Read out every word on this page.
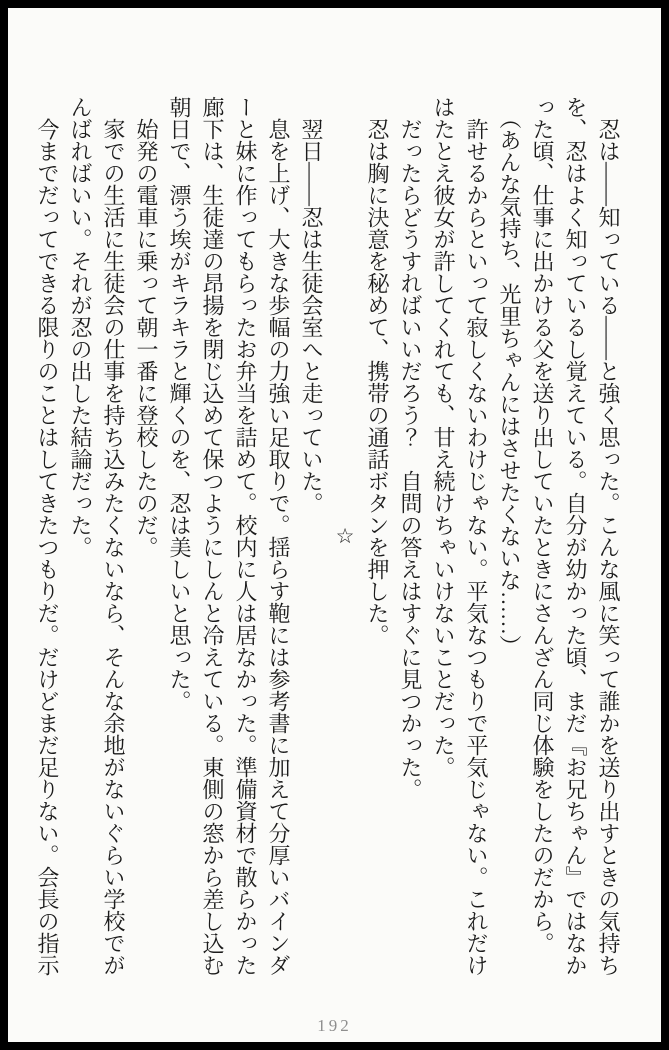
　忍は――知っている――と強く思った。こんな風に笑って誰かを送り出すときの気持ち

を、忍はよく知っているし覚えている。自分が幼かった頃、まだ『お兄ちゃん』ではなか

った頃、仕事に出かける父を送り出していたときにさんざん同じ体験をしたのだから。

　（あんな気持ち、光里ちゃんにはさせたくないな……）

　許せるからといって寂しくないわけじゃない。平気なつもりで平気じゃない。これだけ

はたとえ彼女が許してくれても、甘え続けちゃいけないことだった。

　だったらどうすればいいだろう？　自問の答えはすぐに見つかった。

　忍は胸に決意を秘めて、携帯の通話ボタンを押した。

☆

　翌日――忍は生徒会室へと走っていた。

　息を上げ、大きな歩幅の力強い足取りで。揺らす鞄には参考書に加えて分厚いバインダ

ーと妹に作ってもらったお弁当を詰めて。校内に人は居なかった。準備資材で散らかった

廊下は、生徒達の昂揚を閉じ込めて保つようにしんと冷えている。東側の窓から差し込む

朝日で、漂う埃がキラキラと輝くのを、忍は美しいと思った。

　始発の電車に乗って朝一番に登校したのだ。

　家での生活に生徒会の仕事を持ち込みたくないなら、そんな余地がないぐらい学校でが

んばればいい。それが忍の出した結論だった。

　今までだってできる限りのことはしてきたつもりだ。だけどまだ足りない。会長の指示

192
